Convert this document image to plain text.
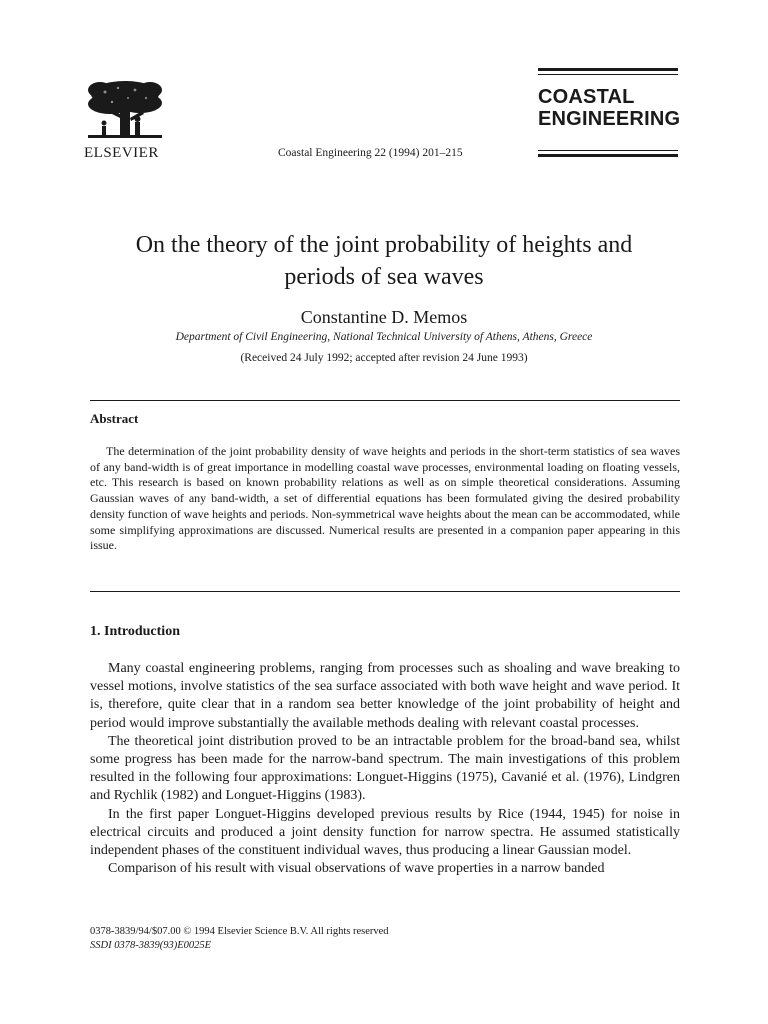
ELSEVIER	Coastal Engineering 22 (1994) 201–215
COASTAL
ENGINEERING
On the theory of the joint probability of heights and
periods of sea waves
Constantine D. Memos
Department of Civil Engineering, National Technical University of Athens, Athens, Greece
(Received 24 July 1992; accepted after revision 24 June 1993)
Abstract
The determination of the joint probability density of wave heights and periods in the short-term statistics of sea waves of any band-width is of great importance in modelling coastal wave processes, environmental loading on floating vessels, etc. This research is based on known probability relations as well as on simple theoretical considerations. Assuming Gaussian waves of any band-width, a set of differential equations has been formulated giving the desired probability density function of wave heights and periods. Non-symmetrical wave heights about the mean can be accommodated, while some simplifying approximations are discussed. Numerical results are presented in a companion paper appearing in this issue.
1. Introduction

Many coastal engineering problems, ranging from processes such as shoaling and wave breaking to vessel motions, involve statistics of the sea surface associated with both wave height and wave period. It is, therefore, quite clear that in a random sea better knowledge of the joint probability of height and period would improve substantially the available methods dealing with relevant coastal processes.

The theoretical joint distribution proved to be an intractable problem for the broad-band sea, whilst some progress has been made for the narrow-band spectrum. The main investigations of this problem resulted in the following four approximations: Longuet-Higgins (1975), Cavanié et al. (1976), Lindgren and Rychlik (1982) and Longuet-Higgins (1983).

In the first paper Longuet-Higgins developed previous results by Rice (1944, 1945) for noise in electrical circuits and produced a joint density function for narrow spectra. He assumed statistically independent phases of the constituent individual waves, thus producing a linear Gaussian model.

Comparison of his result with visual observations of wave properties in a narrow banded

0378-3839/94/$07.00 © 1994 Elsevier Science B.V. All rights reserved
SSDI 0378-3839(93)E0025E
